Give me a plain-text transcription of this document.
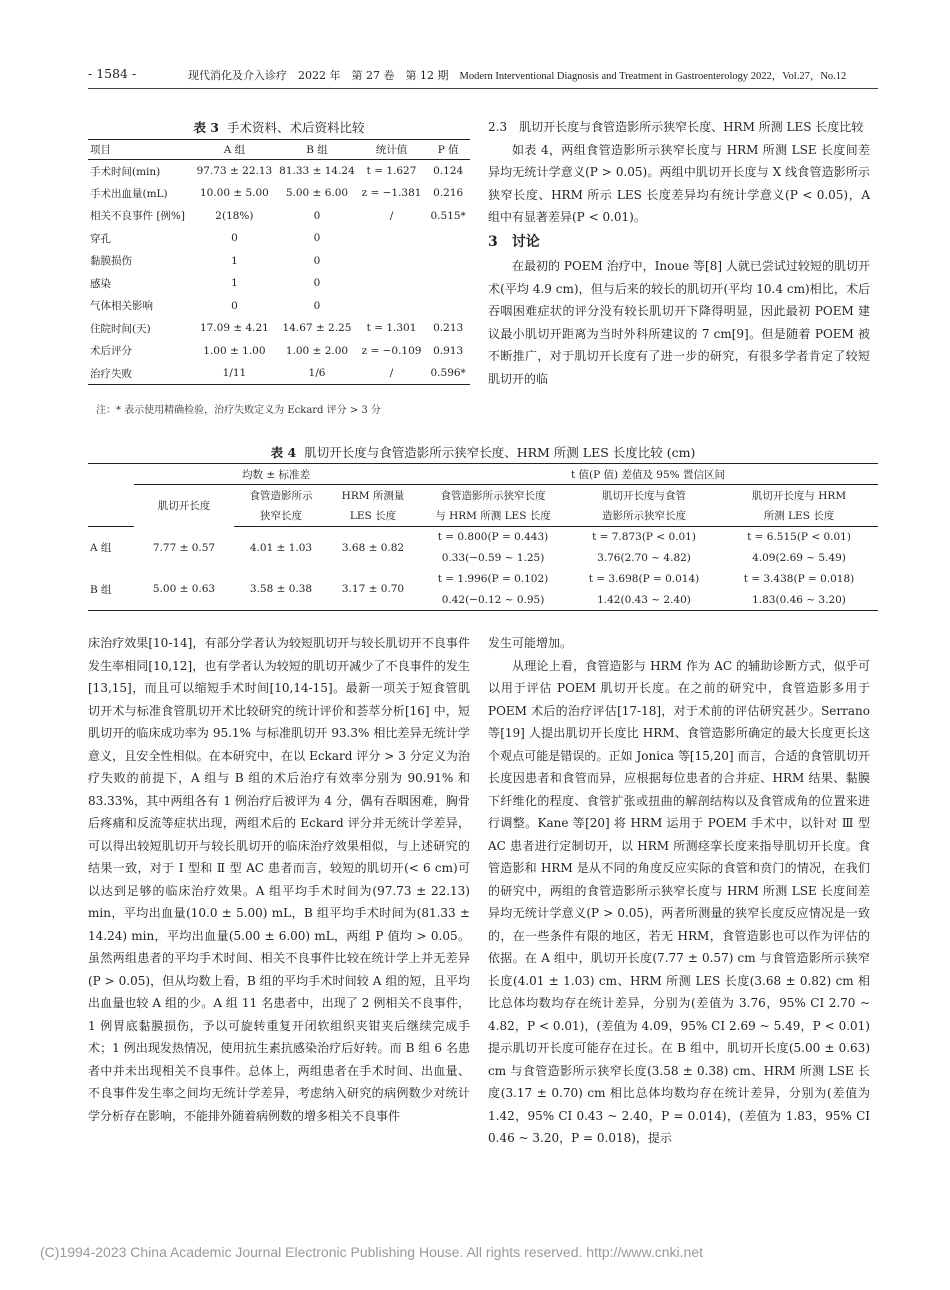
- 1584 -	现代消化及介入诊疗　2022 年　第 27 卷　第 12 期　 Modern Interventional Diagnosis and Treatment in Gastroenterology 2022，Vol.27，No.12
表 3 手术资料、术后资料比较
项目	A 组	B 组	统计值	P 值
手术时间(min)	97.73 ± 22.13	81.33 ± 14.24	t = 1.627	0.124
手术出血量(mL)	10.00 ± 5.00	5.00 ± 6.00	z = −1.381	0.216
相关不良事件 [例%]	2(18%)	0	/	0.515*
穿孔	0	0		
黏膜损伤	1	0		
感染	1	0		
气体相关影响	0	0		
住院时间(天)	17.09 ± 4.21	14.67 ± 2.25	t = 1.301	0.213
术后评分	1.00 ± 1.00	1.00 ± 2.00	z = −0.109	0.913
治疗失败	1/11	1/6	/	0.596*
注：* 表示使用精确检验，治疗失败定义为 Eckard 评分 > 3 分

2.3　肌切开长度与食管造影所示狭窄长度、HRM 所测 LES 长度比较

如表 4，两组食管造影所示狭窄长度与 HRM 所测 LSE 长度间差异均无统计学意义(P > 0.05)。两组中肌切开长度与 X 线食管造影所示狭窄长度、HRM 所示 LES 长度差异均有统计学意义(P < 0.05)，A 组中有显著差异(P < 0.01)。

3　讨论

在最初的 POEM 治疗中，Inoue 等[8] 人就已尝试过较短的肌切开术(平均 4.9 cm)，但与后来的较长的肌切开(平均 10.4 cm)相比，术后吞咽困难症状的评分没有较长肌切开下降得明显，因此最初 POEM 建议最小肌切开距离为当时外科所建议的 7 cm[9]。但是随着 POEM 被不断推广，对于肌切开长度有了进一步的研究，有很多学者肯定了较短肌切开的临

表 4 肌切开长度与食管造影所示狭窄长度、HRM 所测 LES 长度比较 (cm)
	均数 ± 标准差			t 值(P 值) 差值及 95% 置信区间		
	肌切开长度	食管造影所示	HRM 所测量	食管造影所示狭窄长度	肌切开长度与食管	肌切开长度与 HRM
		狭窄长度	LES 长度	与 HRM 所测 LES 长度	造影所示狭窄长度	所测 LES 长度
A 组	7.77 ± 0.57	4.01 ± 1.03	3.68 ± 0.82	t = 0.800(P = 0.443)	t = 7.873(P < 0.01)	t = 6.515(P < 0.01)
				0.33(−0.59 ~ 1.25)	3.76(2.70 ~ 4.82)	4.09(2.69 ~ 5.49)
B 组	5.00 ± 0.63	3.58 ± 0.38	3.17 ± 0.70	t = 1.996(P = 0.102)	t = 3.698(P = 0.014)	t = 3.438(P = 0.018)
				0.42(−0.12 ~ 0.95)	1.42(0.43 ~ 2.40)	1.83(0.46 ~ 3.20)

床治疗效果[10-14]，有部分学者认为较短肌切开与较长肌切开不良事件发生率相同[10,12]，也有学者认为较短的肌切开减少了不良事件的发生[13,15]，而且可以缩短手术时间[10,14-15]。最新一项关于短食管肌切开术与标准食管肌切开术比较研究的统计评价和荟萃分析[16] 中，短肌切开的临床成功率为 95.1% 与标准肌切开 93.3% 相比差异无统计学意义，且安全性相似。在本研究中，在以 Eckard 评分 > 3 分定义为治疗失败的前提下，A 组与 B 组的术后治疗有效率分别为 90.91% 和 83.33%，其中两组各有 1 例治疗后被评为 4 分，偶有吞咽困难，胸骨后疼痛和反流等症状出现，两组术后的 Eckard 评分并无统计学差异，可以得出较短肌切开与较长肌切开的临床治疗效果相似，与上述研究的结果一致，对于 Ⅰ 型和 Ⅱ 型 AC 患者而言，较短的肌切开(< 6 cm)可以达到足够的临床治疗效果。A 组平均手术时间为(97.73 ± 22.13) min，平均出血量(10.0 ± 5.00) mL，B 组平均手术时间为(81.33 ± 14.24) min，平均出血量(5.00 ± 6.00) mL，两组 P 值均 > 0.05。虽然两组患者的平均手术时间、相关不良事件比较在统计学上并无差异(P > 0.05)，但从均数上看，B 组的平均手术时间较 A 组的短，且平均出血量也较 A 组的少。A 组 11 名患者中，出现了 2 例相关不良事件，1 例胃底黏膜损伤，予以可旋转重复开闭软组织夹钳夹后继续完成手术；1 例出现发热情况，使用抗生素抗感染治疗后好转。而 B 组 6 名患者中并未出现相关不良事件。总体上，两组患者在手术时间、出血量、不良事件发生率之间均无统计学差异，考虑纳入研究的病例数少对统计学分析存在影响，不能排外随着病例数的增多相关不良事件

发生可能增加。

从理论上看，食管造影与 HRM 作为 AC 的辅助诊断方式，似乎可以用于评估 POEM 肌切开长度。在之前的研究中，食管造影多用于 POEM 术后的治疗评估[17-18]，对于术前的评估研究甚少。Serrano 等[19] 人提出肌切开长度比 HRM、食管造影所确定的最大长度更长这个观点可能是错误的。正如 Jonica 等[15,20] 而言，合适的食管肌切开长度因患者和食管而异，应根据每位患者的合并症、HRM 结果、黏膜下纤维化的程度、食管扩张或扭曲的解剖结构以及食管成角的位置来进行调整。Kane 等[20] 将 HRM 运用于 POEM 手术中，以针对 Ⅲ 型 AC 患者进行定制切开，以 HRM 所测痉挛长度来指导肌切开长度。食管造影和 HRM 是从不同的角度反应实际的食管和贲门的情况，在我们的研究中，两组的食管造影所示狭窄长度与 HRM 所测 LSE 长度间差异均无统计学意义(P > 0.05)，两者所测量的狭窄长度反应情况是一致的，在一些条件有限的地区，若无 HRM，食管造影也可以作为评估的依据。在 A 组中，肌切开长度(7.77 ± 0.57) cm 与食管造影所示狭窄长度(4.01 ± 1.03) cm、HRM 所测 LES 长度(3.68 ± 0.82) cm 相比总体均数均存在统计差异，分别为(差值为 3.76，95% CI 2.70 ~ 4.82，P < 0.01)，(差值为 4.09，95% CI 2.69 ~ 5.49，P < 0.01) 提示肌切开长度可能存在过长。在 B 组中，肌切开长度(5.00 ± 0.63) cm 与食管造影所示狭窄长度(3.58 ± 0.38) cm、HRM 所测 LSE 长度(3.17 ± 0.70) cm 相比总体均数均存在统计差异，分别为(差值为 1.42，95% CI 0.43 ~ 2.40，P = 0.014)，(差值为 1.83，95% CI 0.46 ~ 3.20，P = 0.018)，提示

(C)1994-2023 China Academic Journal Electronic Publishing House. All rights reserved. http://www.cnki.net
